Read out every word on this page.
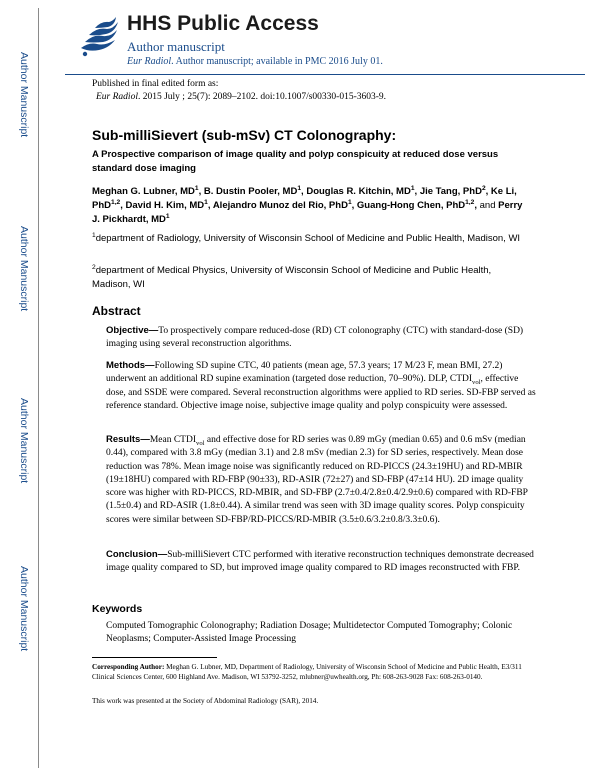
Author Manuscript
Author Manuscript
Author Manuscript
Author Manuscript
HHS Public Access
Author manuscript
Eur Radiol. Author manuscript; available in PMC 2016 July 01.
Published in final edited form as:
Eur Radiol. 2015 July ; 25(7): 2089–2102. doi:10.1007/s00330-015-3603-9.
Sub-milliSievert (sub-mSv) CT Colonography:
A Prospective comparison of image quality and polyp conspicuity at reduced dose versus standard dose imaging
Meghan G. Lubner, $MD^1$, B. Dustin Pooler, $MD^1$, Douglas R. Kitchin, $MD^1$, Jie Tang, PhD$^2$, Ke Li, PhD$^{1,2}$, David H. Kim, $MD^1$, Alejandro Munoz del Rio, PhD$^1$, Guang-Hong Chen, PhD$^{1,2}$, and Perry J. Pickhardt, $MD^1$
$^1$department of Radiology, University of Wisconsin School of Medicine and Public Health, Madison, WI
$^2$department of Medical Physics, University of Wisconsin School of Medicine and Public Health, Madison, WI
Abstract
Objective—To prospectively compare reduced-dose (RD) CT colonography (CTC) with standard-dose (SD) imaging using several reconstruction algorithms.
Methods—Following SD supine CTC, 40 patients (mean age, 57.3 years; 17 M/23 F, mean BMI, 27.2) underwent an additional RD supine examination (targeted dose reduction, 70–90%). DLP, $CTDI_{vol}$, effective dose, and SSDE were compared. Several reconstruction algorithms were applied to RD series. SD-FBP served as reference standard. Objective image noise, subjective image quality and polyp conspicuity were assessed.
Results—Mean $CTDI_{vol}$ and effective dose for RD series was 0.89 mGy (median 0.65) and 0.6 mSv (median 0.44), compared with 3.8 mGy (median 3.1) and 2.8 mSv (median 2.3) for SD series, respectively. Mean dose reduction was 78%. Mean image noise was significantly reduced on RD-PICCS (24.3±19HU) and RD-MBIR (19±18HU) compared with RD-FBP (90±33), RD-ASIR (72±27) and SD-FBP (47±14 HU). 2D image quality score was higher with RD-PICCS, RD-MBIR, and SD-FBP (2.7±0.4/2.8±0.4/2.9±0.6) compared with RD-FBP (1.5±0.4) and RD-ASIR (1.8±0.44). A similar trend was seen with 3D image quality scores. Polyp conspicuity scores were similar between SD-FBP/RD-PICCS/RD-MBIR (3.5±0.6/3.2±0.8/3.3±0.6).
Conclusion—Sub-milliSievert CTC performed with iterative reconstruction techniques demonstrate decreased image quality compared to SD, but improved image quality compared to RD images reconstructed with FBP.
Keywords
Computed Tomographic Colonography; Radiation Dosage; Multidetector Computed Tomography; Colonic Neoplasms; Computer-Assisted Image Processing
Corresponding Author: Meghan G. Lubner, MD, Department of Radiology, University of Wisconsin School of Medicine and Public Health, E3/311 Clinical Sciences Center, 600 Highland Ave. Madison, WI 53792-3252, mlubner@uwhealth.org, Ph: 608-263-9028 Fax: 608-263-0140.
This work was presented at the Society of Abdominal Radiology (SAR), 2014.
